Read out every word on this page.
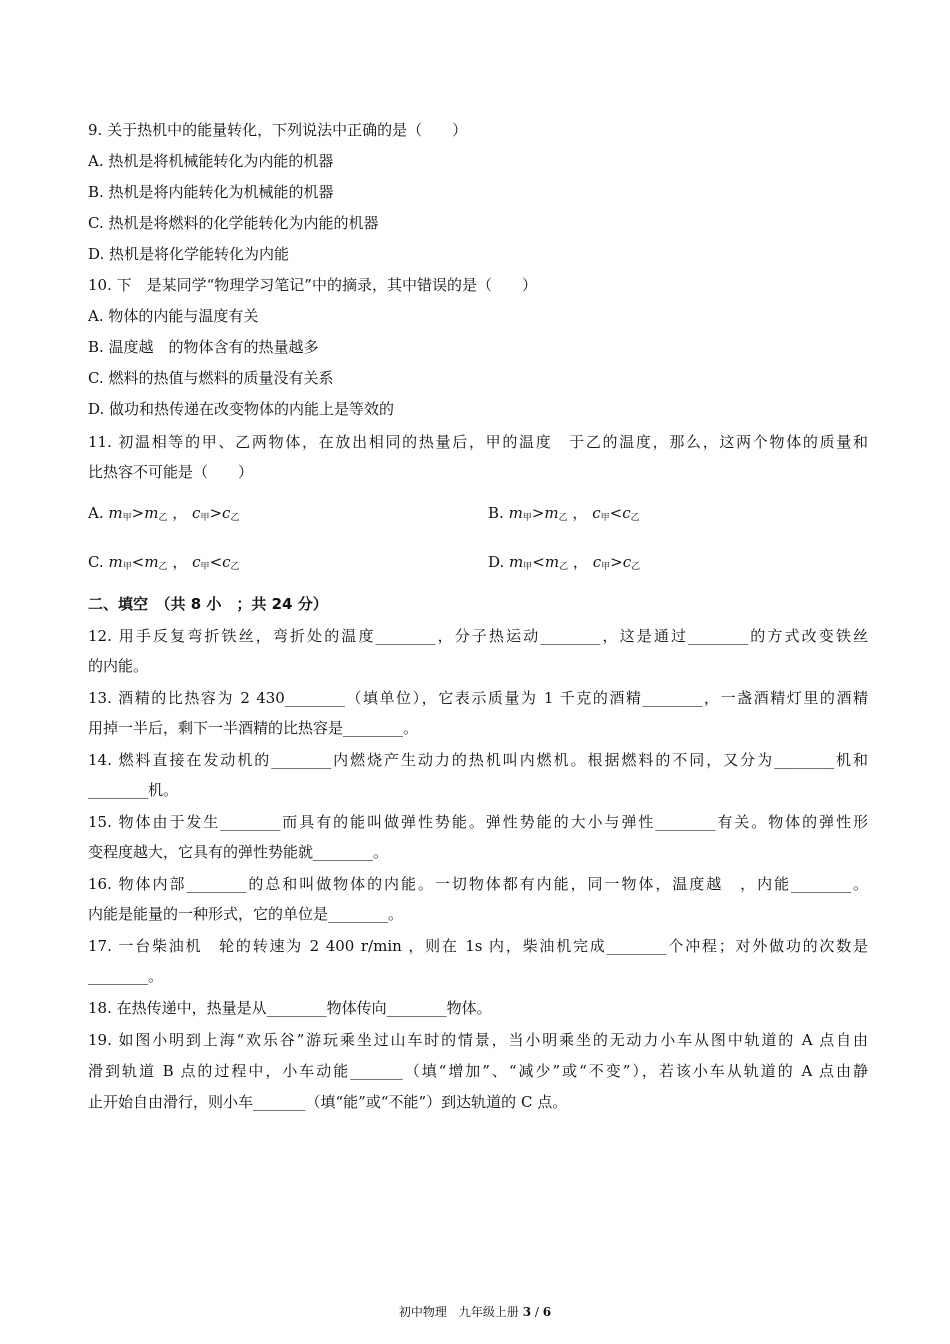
9. 关于热机中的能量转化，下列说法中正确的是（　　）
A. 热机是将机械能转化为内能的机器
B. 热机是将内能转化为机械能的机器
C. 热机是将燃料的化学能转化为内能的机器
D. 热机是将化学能转化为内能
10. 下　是某同学“物理学习笔记”中的摘录，其中错误的是（　　）
A. 物体的内能与温度有关
B. 温度越　的物体含有的热量越多
C. 燃料的热值与燃料的质量没有关系
D. 做功和热传递在改变物体的内能上是等效的
11. 初温相等的甲、乙两物体，在放出相同的热量后，甲的温度　于乙的温度，那么，这两个物体的质量和
比热容不可能是（　　）
A. $m_甲>m_乙$ ， $c_甲>c_乙$	B. $m_甲>m_乙$ ， $c_甲<c_乙$
C. $m_甲<m_乙$ ， $c_甲<c_乙$	D. $m_甲<m_乙$ ， $c_甲>c_乙$
二、填空　（共 8 小　；共 24 分）
12. 用手反复弯折铁丝，弯折处的温度________，分子热运动________，这是通过________的方式改变铁丝
的内能。
13. 酒精的比热容为 2 430________（填单位），它表示质量为 1 千克的酒精________，一盏酒精灯里的酒精
用掉一半后，剩下一半酒精的比热容是________。
14. 燃料直接在发动机的________内燃烧产生动力的热机叫内燃机。根据燃料的不同，又分为________机和
________机。
15. 物体由于发生________而具有的能叫做弹性势能。弹性势能的大小与弹性________有关。物体的弹性形
变程度越大，它具有的弹性势能就________。
16. 物体内部________的总和叫做物体的内能。一切物体都有内能，同一物体，温度越　，内能________。
内能是能量的一种形式，它的单位是________。
17. 一台柴油机　轮的转速为 2 400 r/min ，则在 1s 内，柴油机完成________个冲程；对外做功的次数是
________。
18. 在热传递中，热量是从________物体传向________物体。
19. 如图小明到上海“欢乐谷”游玩乘坐过山车时的情景，当小明乘坐的无动力小车从图中轨道的 A 点自由
滑到轨道 B 点的过程中，小车动能_______（填“增加”、“减少”或“不变”），若该小车从轨道的 A 点由静
止开始自由滑行，则小车_______（填“能”或“不能”）到达轨道的 C 点。
初中物理　九年级上册 3 / 6
